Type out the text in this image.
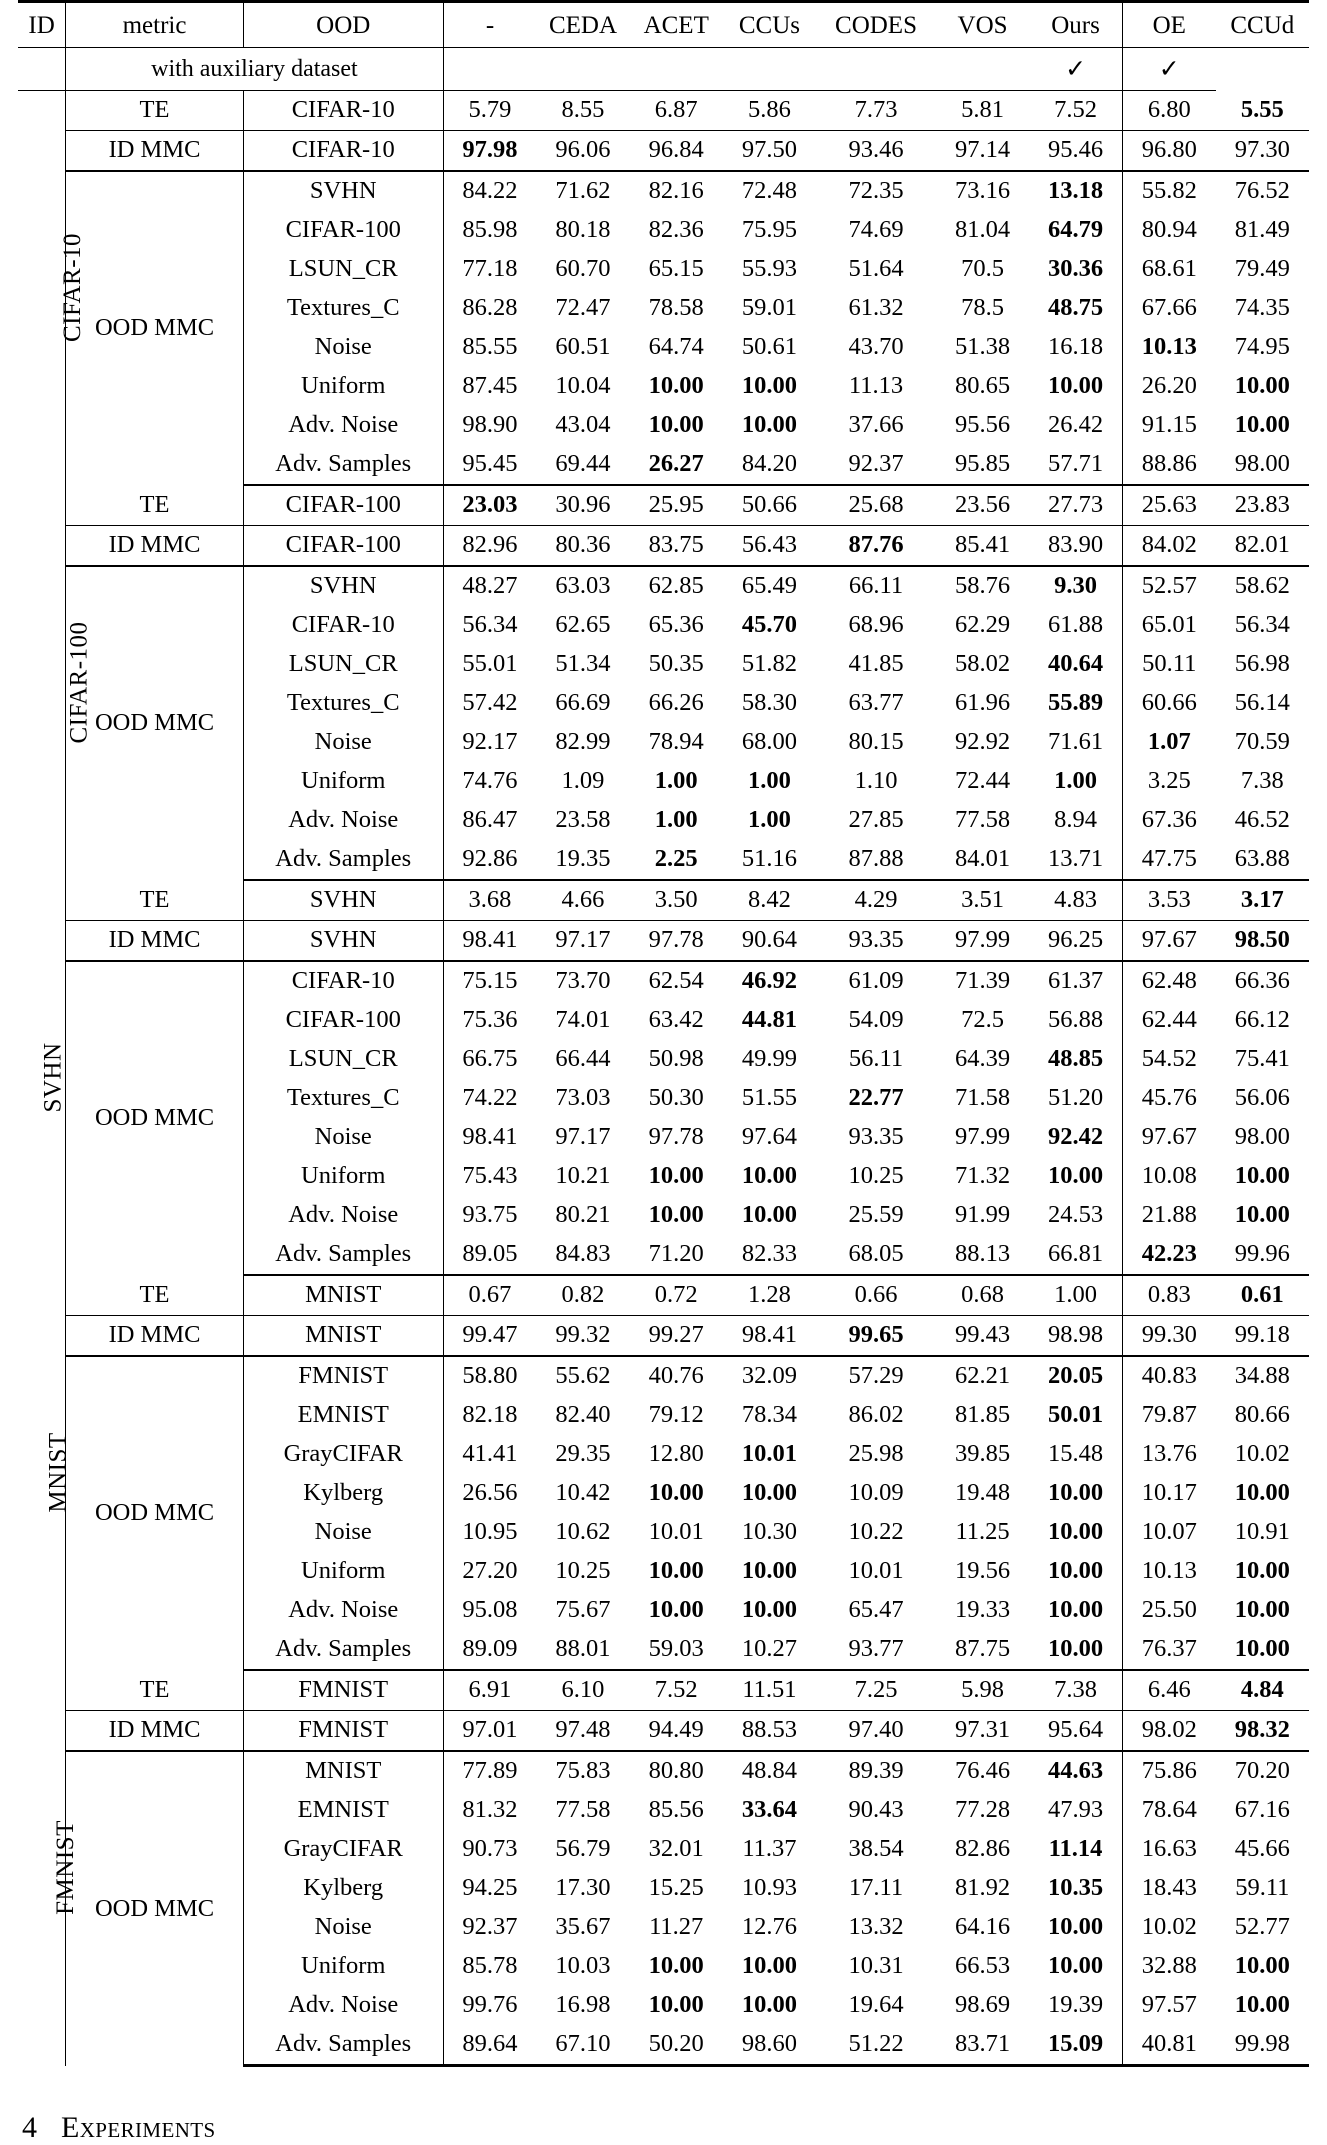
ID	metric	OOD	-	CEDA	ACET	CCUs	CODES	VOS	Ours	OE	CCUd
	with auxiliary dataset								✓	✓	

CIFAR-10	TE	CIFAR-10	5.79	8.55	6.87	5.86	7.73	5.81	7.52	6.80	5.55
	ID MMC	CIFAR-10	97.98	96.06	96.84	97.50	93.46	97.14	95.46	96.80	97.30
	OOD MMC	SVHN	84.22	71.62	82.16	72.48	72.35	73.16	13.18	55.82	76.52
		CIFAR-100	85.98	80.18	82.36	75.95	74.69	81.04	64.79	80.94	81.49
		LSUN_CR	77.18	60.70	65.15	55.93	51.64	70.5	30.36	68.61	79.49
		Textures_C	86.28	72.47	78.58	59.01	61.32	78.5	48.75	67.66	74.35
		Noise	85.55	60.51	64.74	50.61	43.70	51.38	16.18	10.13	74.95
		Uniform	87.45	10.04	10.00	10.00	11.13	80.65	10.00	26.20	10.00
		Adv. Noise	98.90	43.04	10.00	10.00	37.66	95.56	26.42	91.15	10.00
		Adv. Samples	95.45	69.44	26.27	84.20	92.37	95.85	57.71	88.86	98.00

CIFAR-100	TE	CIFAR-100	23.03	30.96	25.95	50.66	25.68	23.56	27.73	25.63	23.83
	ID MMC	CIFAR-100	82.96	80.36	83.75	56.43	87.76	85.41	83.90	84.02	82.01
	OOD MMC	SVHN	48.27	63.03	62.85	65.49	66.11	58.76	9.30	52.57	58.62
		CIFAR-10	56.34	62.65	65.36	45.70	68.96	62.29	61.88	65.01	56.34
		LSUN_CR	55.01	51.34	50.35	51.82	41.85	58.02	40.64	50.11	56.98
		Textures_C	57.42	66.69	66.26	58.30	63.77	61.96	55.89	60.66	56.14
		Noise	92.17	82.99	78.94	68.00	80.15	92.92	71.61	1.07	70.59
		Uniform	74.76	1.09	1.00	1.00	1.10	72.44	1.00	3.25	7.38
		Adv. Noise	86.47	23.58	1.00	1.00	27.85	77.58	8.94	67.36	46.52
		Adv. Samples	92.86	19.35	2.25	51.16	87.88	84.01	13.71	47.75	63.88

SVHN	TE	SVHN	3.68	4.66	3.50	8.42	4.29	3.51	4.83	3.53	3.17
	ID MMC	SVHN	98.41	97.17	97.78	90.64	93.35	97.99	96.25	97.67	98.50
	OOD MMC	CIFAR-10	75.15	73.70	62.54	46.92	61.09	71.39	61.37	62.48	66.36
		CIFAR-100	75.36	74.01	63.42	44.81	54.09	72.5	56.88	62.44	66.12
		LSUN_CR	66.75	66.44	50.98	49.99	56.11	64.39	48.85	54.52	75.41
		Textures_C	74.22	73.03	50.30	51.55	22.77	71.58	51.20	45.76	56.06
		Noise	98.41	97.17	97.78	97.64	93.35	97.99	92.42	97.67	98.00
		Uniform	75.43	10.21	10.00	10.00	10.25	71.32	10.00	10.08	10.00
		Adv. Noise	93.75	80.21	10.00	10.00	25.59	91.99	24.53	21.88	10.00
		Adv. Samples	89.05	84.83	71.20	82.33	68.05	88.13	66.81	42.23	99.96

MNIST	TE	MNIST	0.67	0.82	0.72	1.28	0.66	0.68	1.00	0.83	0.61
	ID MMC	MNIST	99.47	99.32	99.27	98.41	99.65	99.43	98.98	99.30	99.18
	OOD MMC	FMNIST	58.80	55.62	40.76	32.09	57.29	62.21	20.05	40.83	34.88
		EMNIST	82.18	82.40	79.12	78.34	86.02	81.85	50.01	79.87	80.66
		GrayCIFAR	41.41	29.35	12.80	10.01	25.98	39.85	15.48	13.76	10.02
		Kylberg	26.56	10.42	10.00	10.00	10.09	19.48	10.00	10.17	10.00
		Noise	10.95	10.62	10.01	10.30	10.22	11.25	10.00	10.07	10.91
		Uniform	27.20	10.25	10.00	10.00	10.01	19.56	10.00	10.13	10.00
		Adv. Noise	95.08	75.67	10.00	10.00	65.47	19.33	10.00	25.50	10.00
		Adv. Samples	89.09	88.01	59.03	10.27	93.77	87.75	10.00	76.37	10.00

FMNIST	TE	FMNIST	6.91	6.10	7.52	11.51	7.25	5.98	7.38	6.46	4.84
	ID MMC	FMNIST	97.01	97.48	94.49	88.53	97.40	97.31	95.64	98.02	98.32
	OOD MMC	MNIST	77.89	75.83	80.80	48.84	89.39	76.46	44.63	75.86	70.20
		EMNIST	81.32	77.58	85.56	33.64	90.43	77.28	47.93	78.64	67.16
		GrayCIFAR	90.73	56.79	32.01	11.37	38.54	82.86	11.14	16.63	45.66
		Kylberg	94.25	17.30	15.25	10.93	17.11	81.92	10.35	18.43	59.11
		Noise	92.37	35.67	11.27	12.76	13.32	64.16	10.00	10.02	52.77
		Uniform	85.78	10.03	10.00	10.00	10.31	66.53	10.00	32.88	10.00
		Adv. Noise	99.76	16.98	10.00	10.00	19.64	98.69	19.39	97.57	10.00
		Adv. Samples	89.64	67.10	50.20	98.60	51.22	83.71	15.09	40.81	99.98
4 Experiments
